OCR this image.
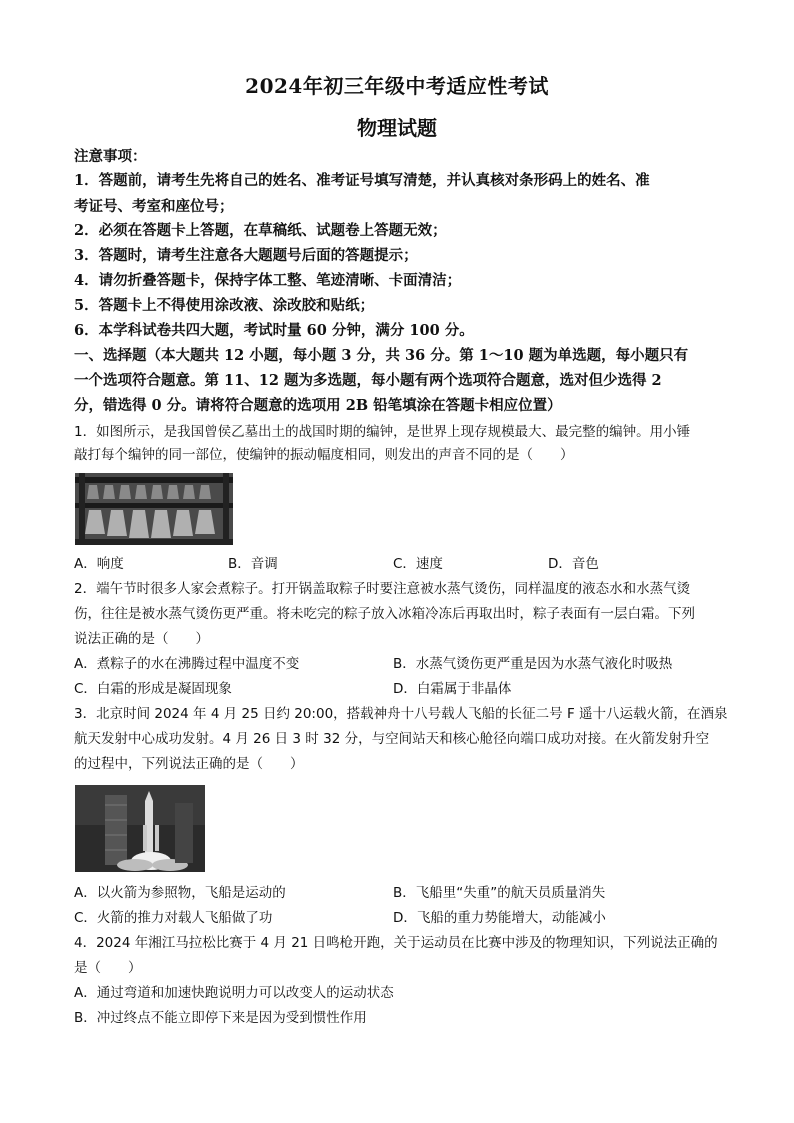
2024年初三年级中考适应性考试
物理试题
注意事项：
1．答题前，请考生先将自己的姓名、准考证号填写清楚，并认真核对条形码上的姓名、准
考证号、考室和座位号；
2．必须在答题卡上答题，在草稿纸、试题卷上答题无效；
3．答题时，请考生注意各大题题号后面的答题提示；
4．请勿折叠答题卡，保持字体工整、笔迹清晰、卡面清洁；
5．答题卡上不得使用涂改液、涂改胶和贴纸；
6．本学科试卷共四大题，考试时量 60 分钟，满分 100 分。
一、选择题（本大题共 12 小题，每小题 3 分，共 36 分。第 1～10 题为单选题，每小题只有
一个选项符合题意。第 11、12 题为多选题，每小题有两个选项符合题意，选对但少选得 2
分，错选得 0 分。请将符合题意的选项用 2B 铅笔填涂在答题卡相应位置）
1．如图所示，是我国曾侯乙墓出土的战国时期的编钟，是世界上现存规模最大、最完整的编钟。用小锤
敲打每个编钟的同一部位，使编钟的振动幅度相同，则发出的声音不同的是（　　）
A．响度	B．音调	C．速度	D．音色
2．端午节时很多人家会煮粽子。打开锅盖取粽子时要注意被水蒸气烫伤，同样温度的液态水和水蒸气烫
伤，往往是被水蒸气烫伤更严重。将未吃完的粽子放入冰箱冷冻后再取出时，粽子表面有一层白霜。下列
说法正确的是（　　）
A．煮粽子的水在沸腾过程中温度不变	B．水蒸气烫伤更严重是因为水蒸气液化时吸热
C．白霜的形成是凝固现象	D．白霜属于非晶体
3．北京时间 2024 年 4 月 25 日约 20:00，搭载神舟十八号载人飞船的长征二号 F 遥十八运载火箭，在酒泉
航天发射中心成功发射。4 月 26 日 3 时 32 分，与空间站天和核心舱径向端口成功对接。在火箭发射升空
的过程中，下列说法正确的是（　　）
A．以火箭为参照物，飞船是运动的	B．飞船里“失重”的航天员质量消失
C．火箭的推力对载人飞船做了功	D．飞船的重力势能增大，动能减小
4．2024 年湘江马拉松比赛于 4 月 21 日鸣枪开跑，关于运动员在比赛中涉及的物理知识，下列说法正确的
是（　　）
A．通过弯道和加速快跑说明力可以改变人的运动状态
B．冲过终点不能立即停下来是因为受到惯性作用
